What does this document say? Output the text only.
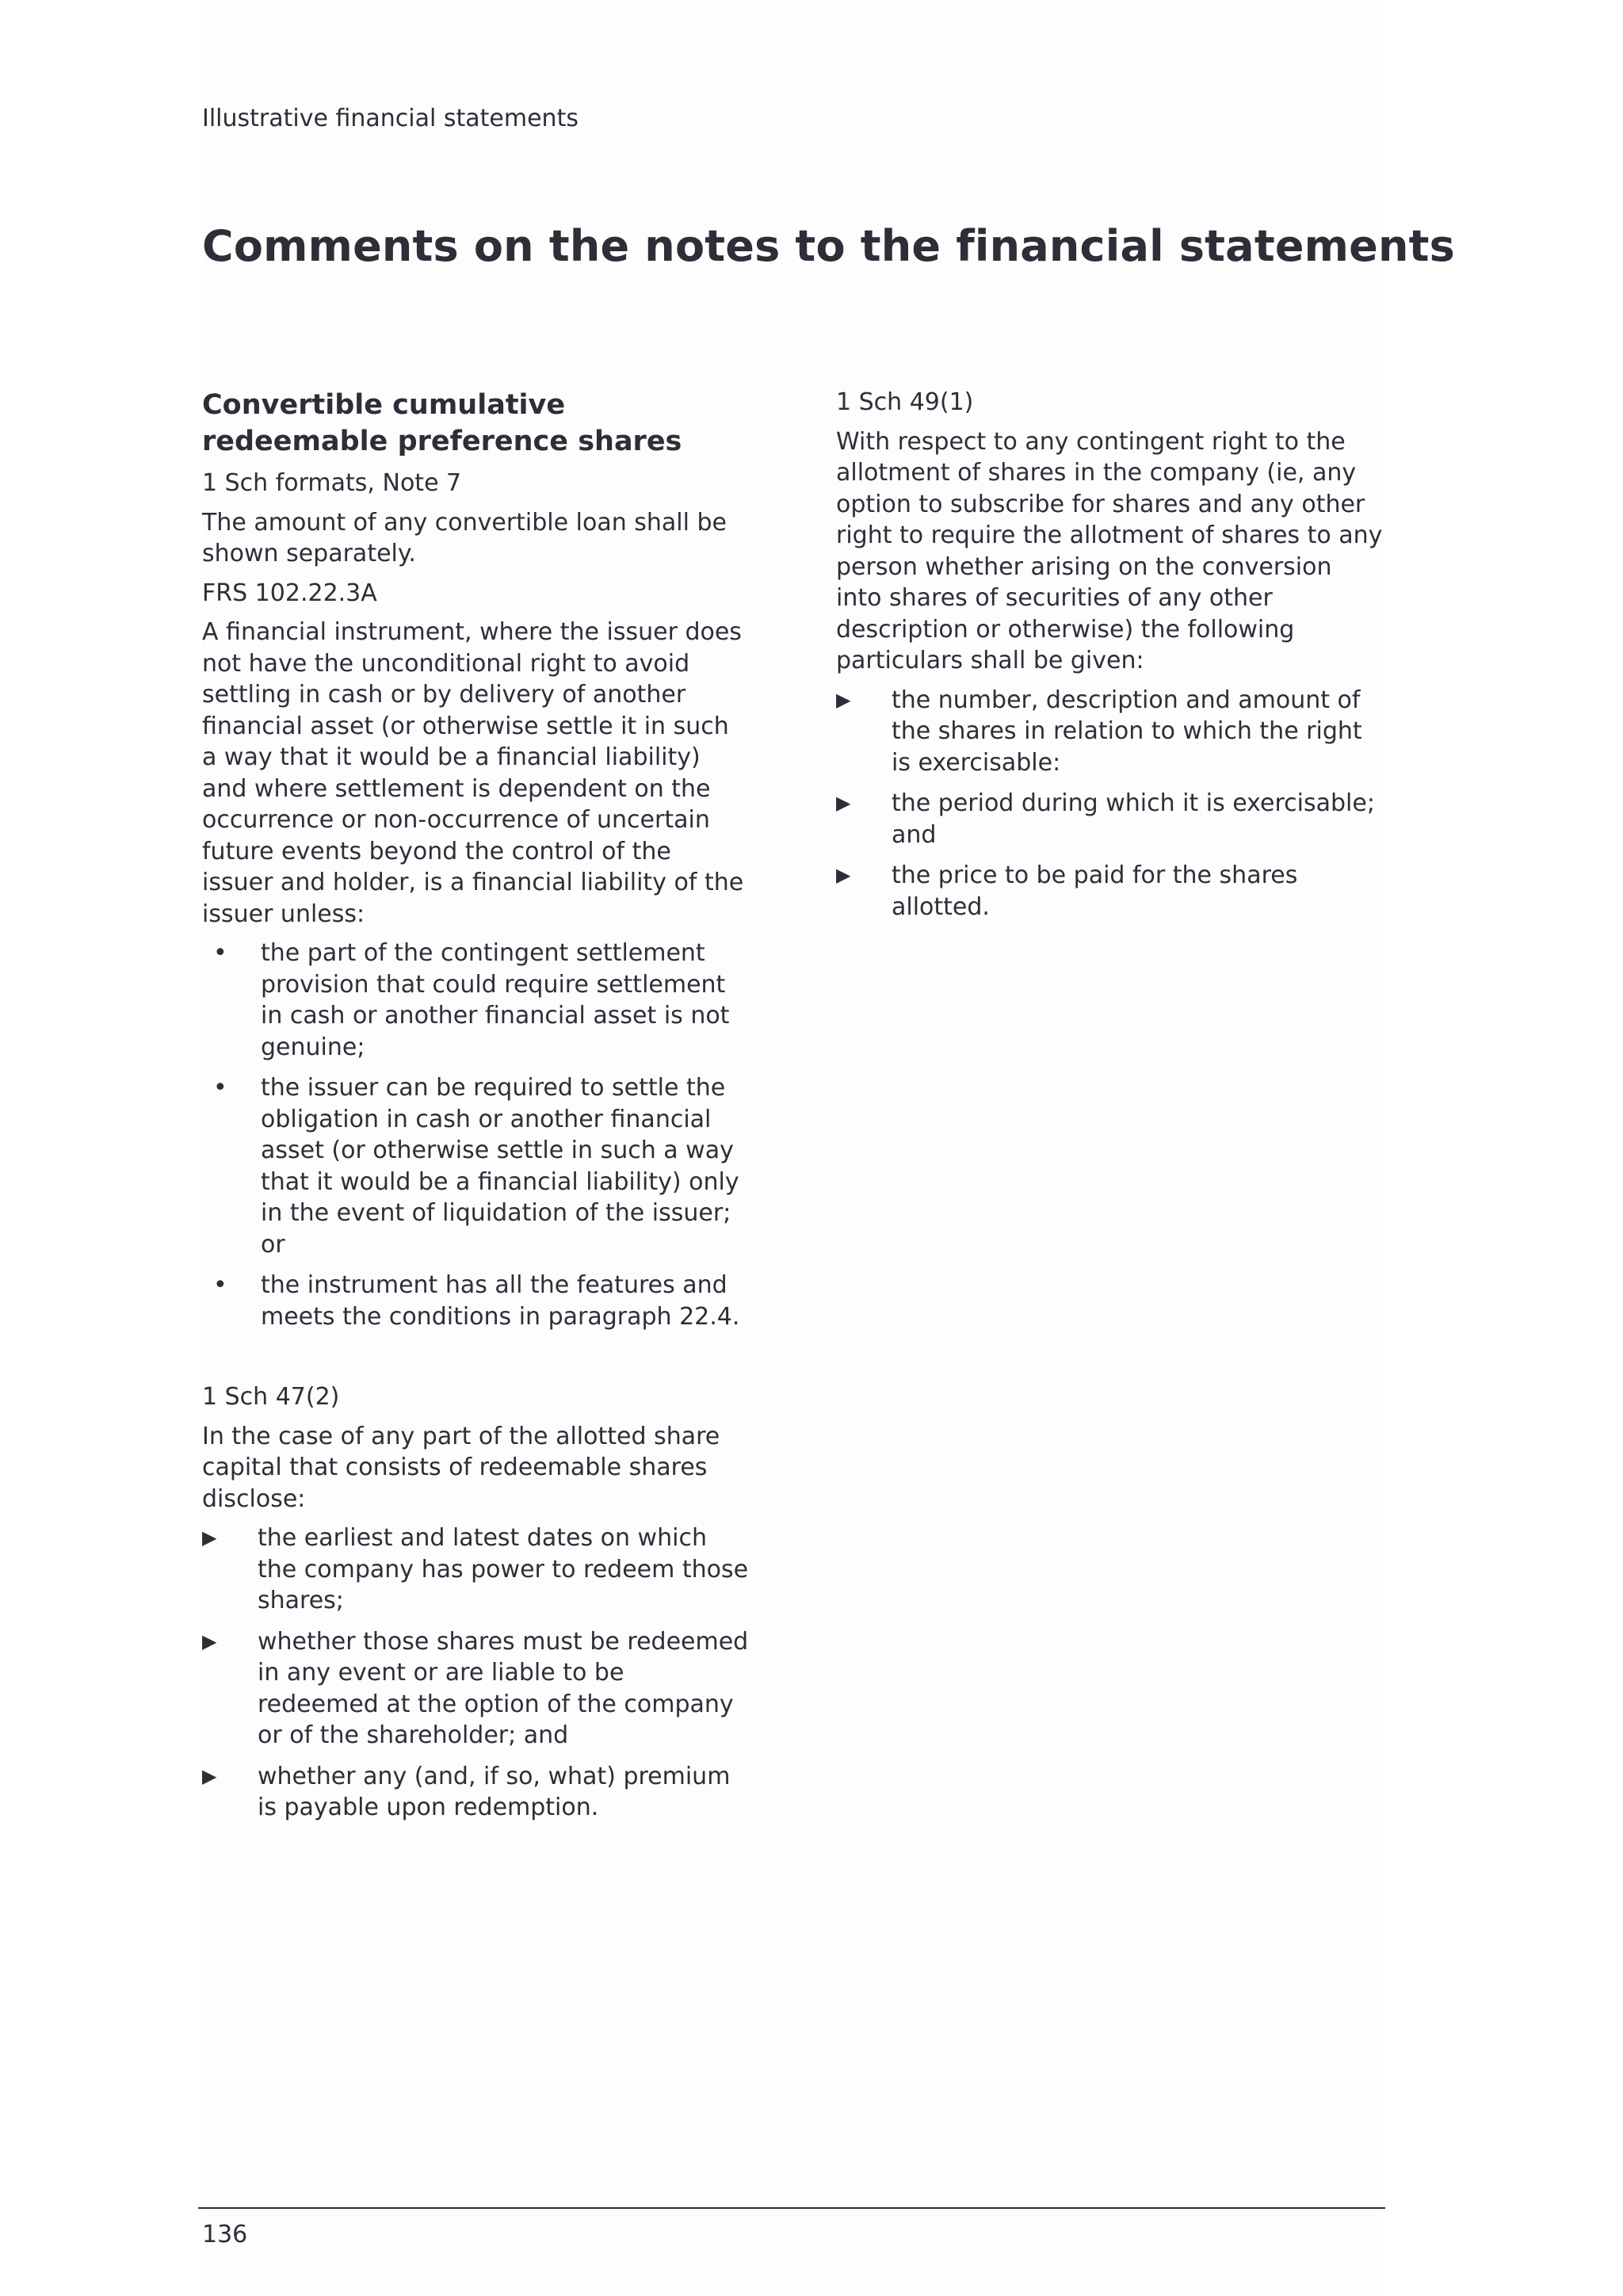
Illustrative financial statements
Comments on the notes to the financial statements
Convertible cumulative redeemable preference shares
1 Sch formats, Note 7
The amount of any convertible loan shall be shown separately.
FRS 102.22.3A
A financial instrument, where the issuer does not have the unconditional right to avoid settling in cash or by delivery of another financial asset (or otherwise settle it in such a way that it would be a financial liability) and where settlement is dependent on the occurrence or non-occurrence of uncertain future events beyond the control of the issuer and holder, is a financial liability of the issuer unless:
•	the part of the contingent settlement provision that could require settlement in cash or another financial asset is not genuine;
•	the issuer can be required to settle the obligation in cash or another financial asset (or otherwise settle in such a way that it would be a financial liability) only in the event of liquidation of the issuer; or
•	the instrument has all the features and meets the conditions in paragraph 22.4.
1 Sch 47(2)
In the case of any part of the allotted share capital that consists of redeemable shares disclose:
▶	the earliest and latest dates on which the company has power to redeem those shares;
▶	whether those shares must be redeemed in any event or are liable to be redeemed at the option of the company or of the shareholder; and
▶	whether any (and, if so, what) premium is payable upon redemption.
1 Sch 49(1)
With respect to any contingent right to the allotment of shares in the company (ie, any option to subscribe for shares and any other right to require the allotment of shares to any person whether arising on the conversion into shares of securities of any other description or otherwise) the following particulars shall be given:
▶	the number, description and amount of the shares in relation to which the right is exercisable:
▶	the period during which it is exercisable; and
▶	the price to be paid for the shares allotted.
136
